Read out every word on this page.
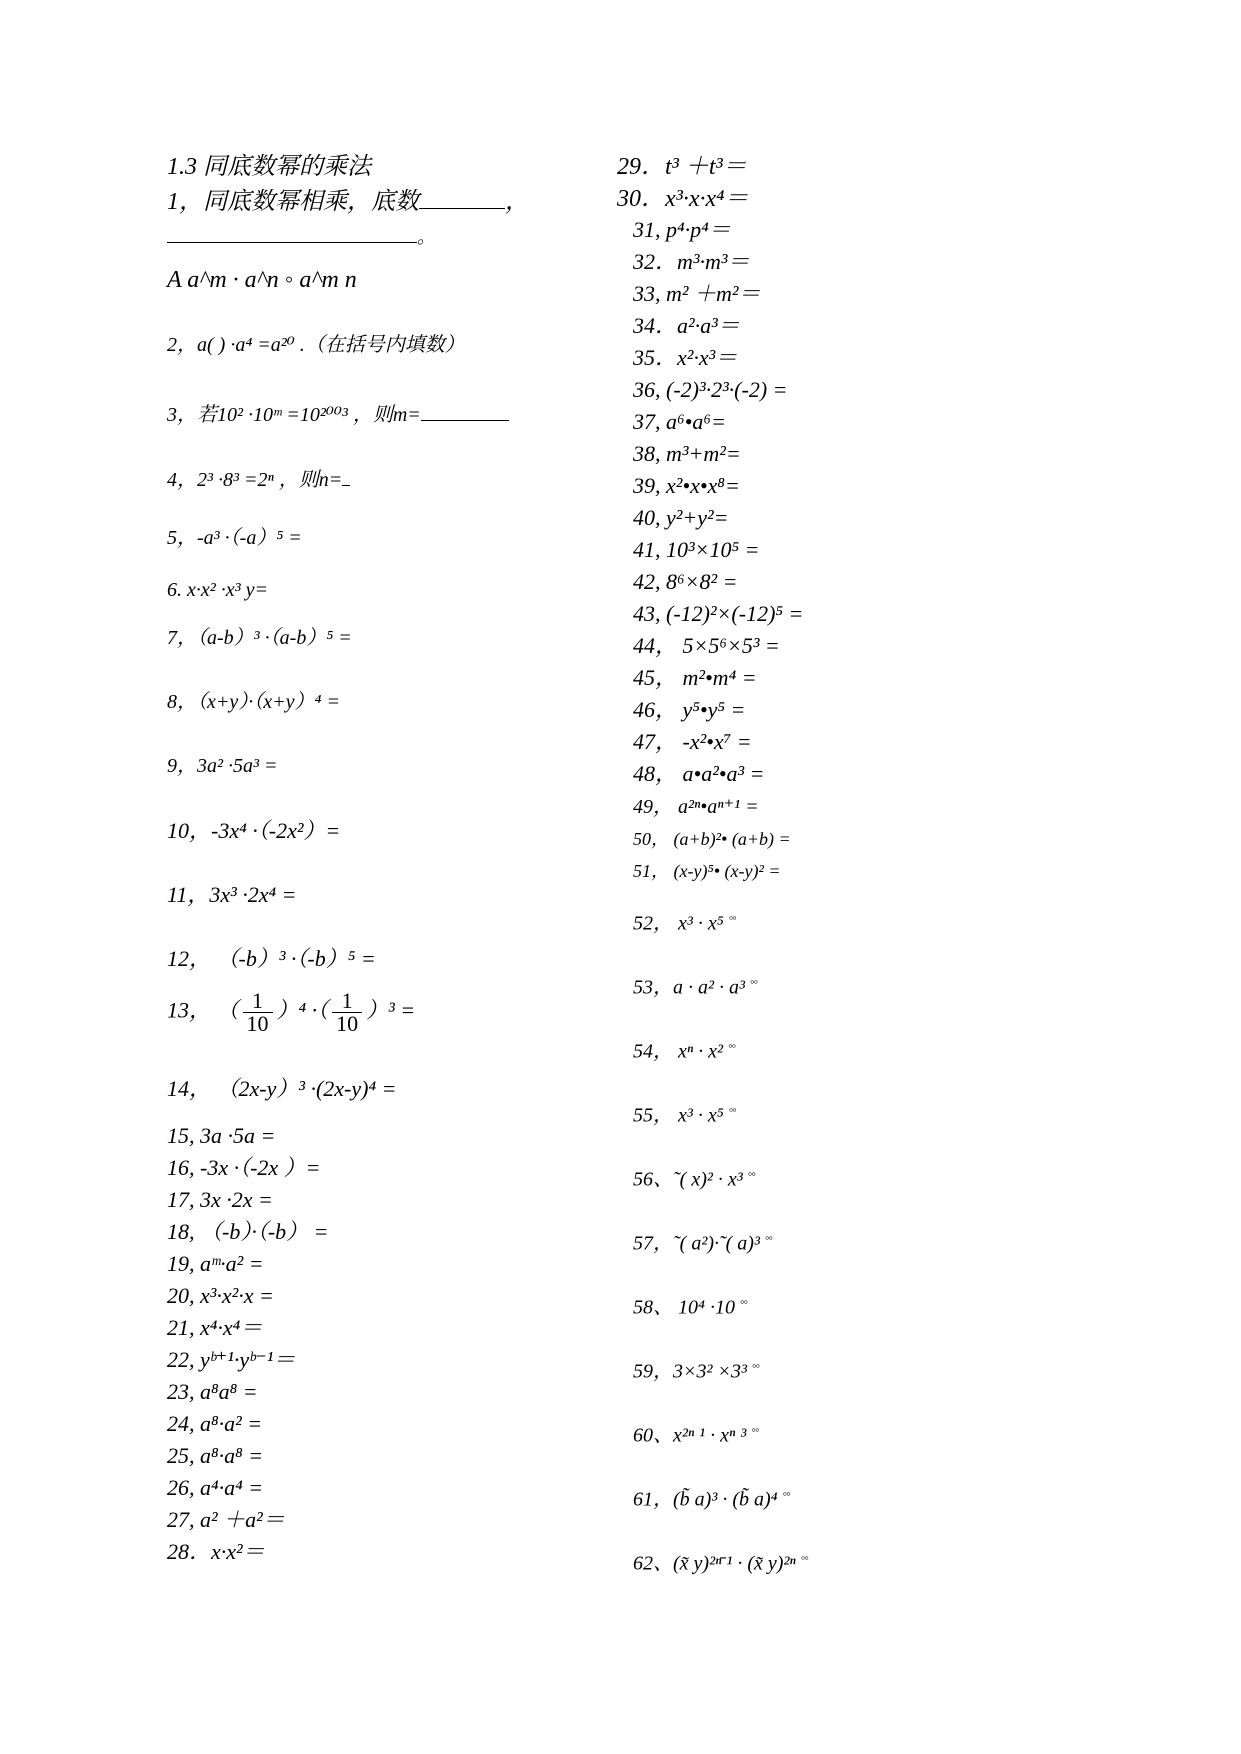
1.3 同底数幂的乘法
1，同底数幂相乘，底数	，
。
A a^m · a^n ◦ a^m n
2，a( ) ·a⁴ =a²⁰ .（在括号内填数）
3，若10² ·10ᵐ =10²⁰⁰³ ，则m=
4，2³ ·8³ =2ⁿ ，则n=
5，-a³ ·（-a）⁵ =
6. x·x² ·x³ y=
7，（a-b）³ ·（a-b）⁵ =
8，（x+y）·（x+y）⁴ =
9，3a² ·5a³ =
10，-3x⁴ ·（-2x²）=
11，3x³ ·2x⁴ =
12， （-b）³ ·（-b）⁵ =
13， （ $\frac{1}{10} )^4$ ·（ $\frac{1}{10} )^3$ =
14， （2x-y）³ ·(2x-y)⁴ =
15, 3a ·5a =
16, -3x ·（-2x ）=
17, 3x ·2x =
18, （-b）·（-b） =
19, aᵐ·a² =
20, x³·x²·x =
21, x⁴·x⁴＝
22, yᵇ⁺¹·yᵇ⁻¹＝
23, a⁸a⁸ =
24, a⁸·a² =
25, a⁸·a⁸ =
26, a⁴·a⁴ =
27, a² ＋a²＝
28．x·x²＝
29．t³ ＋t³＝
30．x³·x·x⁴＝
31, p⁴·p⁴＝
32．m³·m³＝
33, m² ＋m²＝
34．a²·a³＝
35．x²·x³＝
36, (-2)³·2³·(-2) =
37, a⁶•a⁶=
38, m³+m²=
39, x²•x•x⁸=
40, y²+y²=
41, 10³×10⁵ =
42, 8⁶×8² =
43, (-12)²×(-12)⁵ =
44， 5×5⁶×5³ =
45， m²•m⁴ =
46， y⁵•y⁵ =
47， -x²•x⁷ =
48， a•a²•a³ =
49， a²ⁿ•aⁿ⁺¹ =
50， (a+b)²• (a+b) =
51， (x-y)⁵• (x-y)² =
52， x³ · x⁵ ◦◦
53，a · a² · a³ ◦◦
54， xⁿ · x² ◦◦
55， x³ · x⁵ ◦◦
56、˜( x)² · x³ ◦◦
57，˜( a²)·˜( a)³ ◦◦
58、 10⁴ ·10 ◦◦
59，3×3² ×3³ ◦◦
60、x²ⁿ ¹ · xⁿ ³ ◦◦
61，(b̃ a)³ · (b̃ a)⁴ ◦◦
62、(x̃ y)²ⁿ̄ ¹ · (x̃ y)²ⁿ ◦◦
